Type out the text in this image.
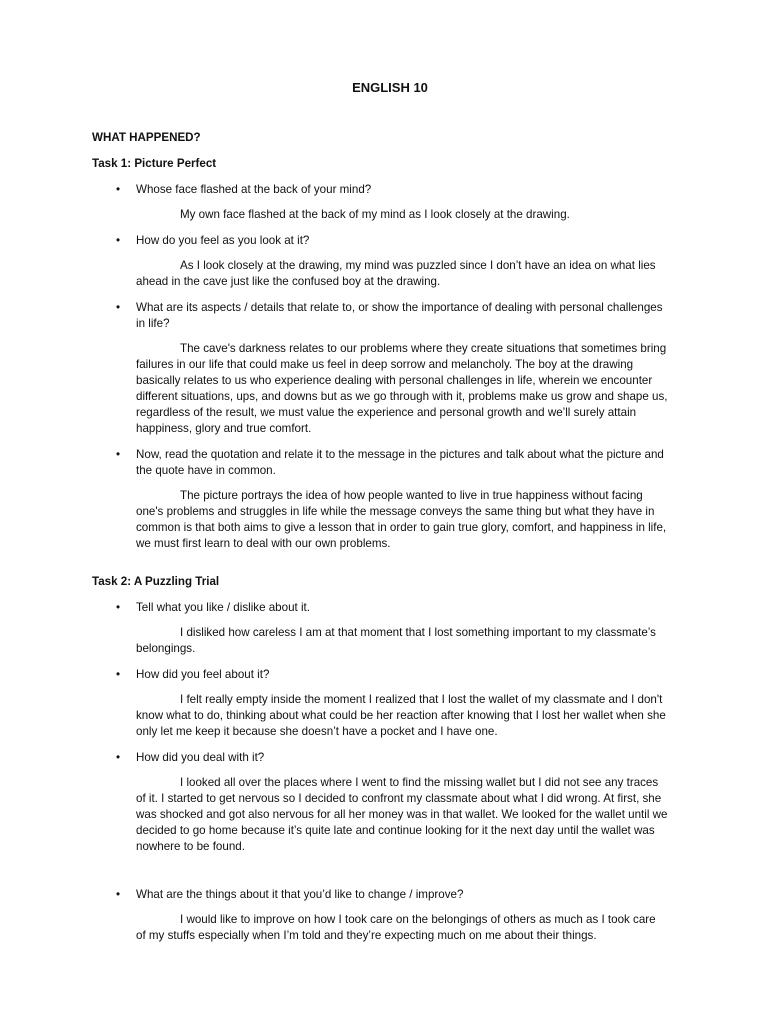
ENGLISH 10
WHAT HAPPENED?
Task 1: Picture Perfect
• Whose face flashed at the back of your mind?
My own face flashed at the back of my mind as I look closely at the drawing.
• How do you feel as you look at it?
As I look closely at the drawing, my mind was puzzled since I don’t have an idea on what lies ahead in the cave just like the confused boy at the drawing.
• What are its aspects / details that relate to, or show the importance of dealing with personal challenges in life?
The cave's darkness relates to our problems where they create situations that sometimes bring failures in our life that could make us feel in deep sorrow and melancholy. The boy at the drawing basically relates to us who experience dealing with personal challenges in life, wherein we encounter different situations, ups, and downs but as we go through with it, problems make us grow and shape us, regardless of the result, we must value the experience and personal growth and we’ll surely attain happiness, glory and true comfort.
• Now, read the quotation and relate it to the message in the pictures and talk about what the picture and the quote have in common.
The picture portrays the idea of how people wanted to live in true happiness without facing one's problems and struggles in life while the message conveys the same thing but what they have in common is that both aims to give a lesson that in order to gain true glory, comfort, and happiness in life, we must first learn to deal with our own problems.
Task 2: A Puzzling Trial
• Tell what you like / dislike about it.
I disliked how careless I am at that moment that I lost something important to my classmate’s belongings.
• How did you feel about it?
I felt really empty inside the moment I realized that I lost the wallet of my classmate and I don't know what to do, thinking about what could be her reaction after knowing that I lost her wallet when she only let me keep it because she doesn’t have a pocket and I have one.
• How did you deal with it?
I looked all over the places where I went to find the missing wallet but I did not see any traces of it. I started to get nervous so I decided to confront my classmate about what I did wrong. At first, she was shocked and got also nervous for all her money was in that wallet. We looked for the wallet until we decided to go home because it’s quite late and continue looking for it the next day until the wallet was nowhere to be found.
• What are the things about it that you’d like to change / improve?
I would like to improve on how I took care on the belongings of others as much as I took care of my stuffs especially when I’m told and they’re expecting much on me about their things.
